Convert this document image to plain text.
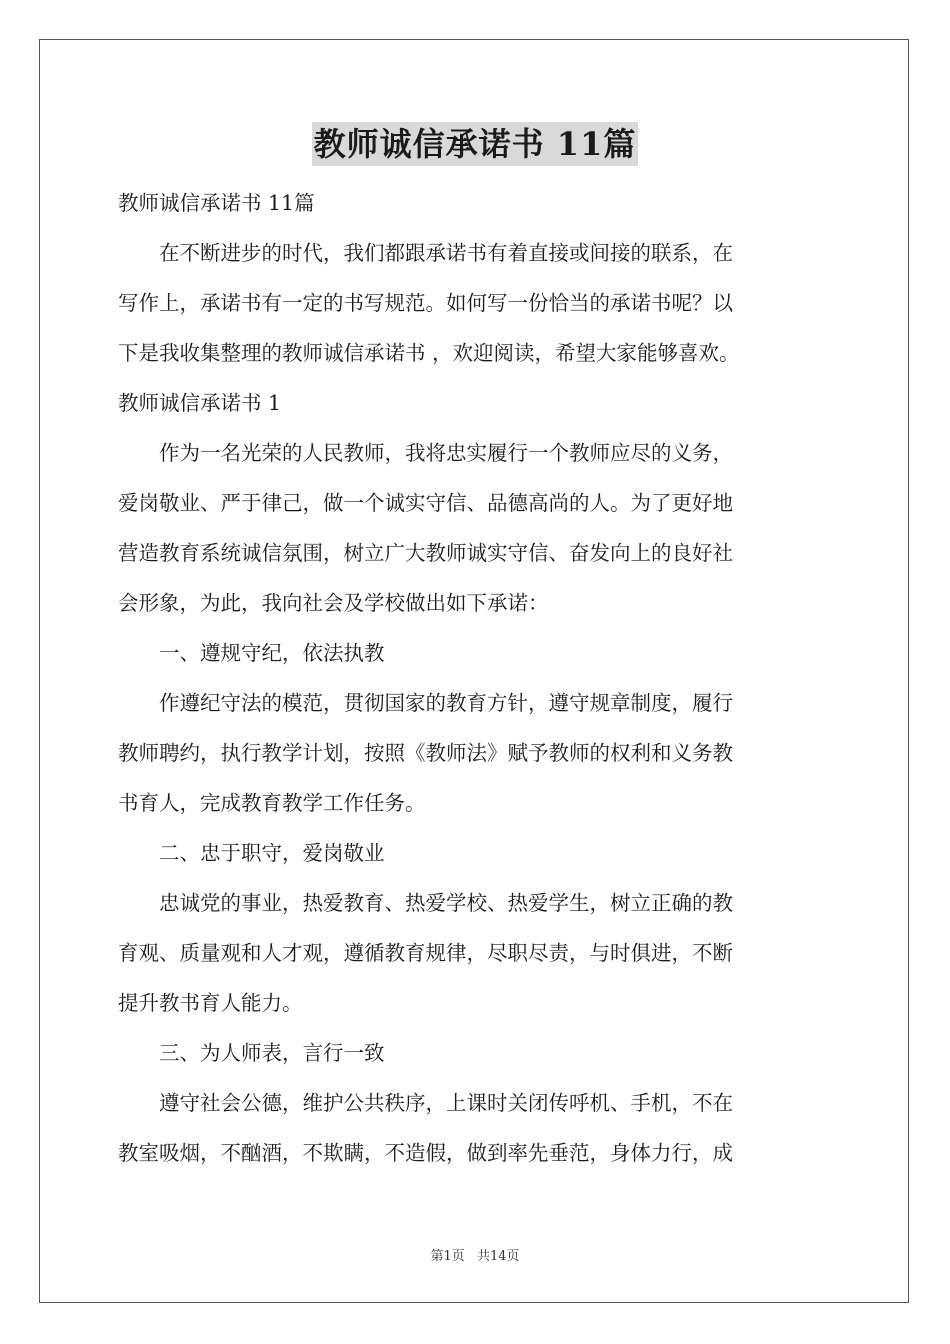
教师诚信承诺书 11篇
教师诚信承诺书 11篇
　　在不断进步的时代，我们都跟承诺书有着直接或间接的联系，在
写作上，承诺书有一定的书写规范。如何写一份恰当的承诺书呢？以
下是我收集整理的教师诚信承诺书 ，欢迎阅读，希望大家能够喜欢。
教师诚信承诺书 1
　　作为一名光荣的人民教师，我将忠实履行一个教师应尽的义务，
爱岗敬业、严于律己，做一个诚实守信、品德高尚的人。为了更好地
营造教育系统诚信氛围，树立广大教师诚实守信、奋发向上的良好社
会形象，为此，我向社会及学校做出如下承诺：
　　一、遵规守纪，依法执教
　　作遵纪守法的模范，贯彻国家的教育方针，遵守规章制度，履行
教师聘约，执行教学计划，按照《教师法》赋予教师的权利和义务教
书育人，完成教育教学工作任务。
　　二、忠于职守，爱岗敬业
　　忠诚党的事业，热爱教育、热爱学校、热爱学生，树立正确的教
育观、质量观和人才观，遵循教育规律，尽职尽责，与时俱进，不断
提升教书育人能力。
　　三、为人师表，言行一致
　　遵守社会公德，维护公共秩序，上课时关闭传呼机、手机，不在
教室吸烟，不酗酒，不欺瞒，不造假，做到率先垂范，身体力行，成
第1页 共14页
